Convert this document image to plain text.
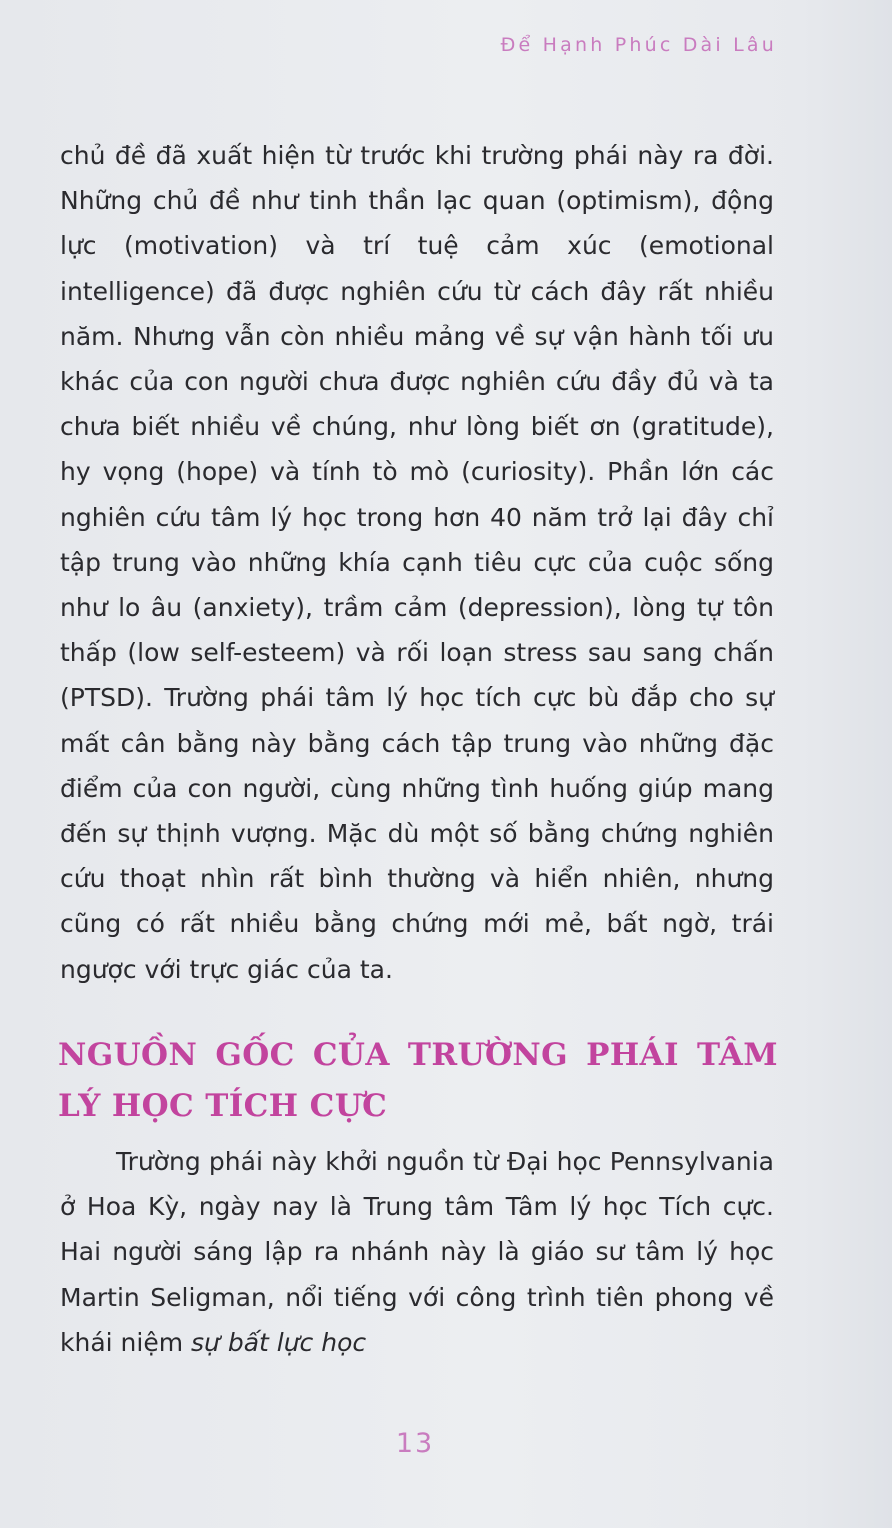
Để Hạnh Phúc Dài Lâu

chủ đề đã xuất hiện từ trước khi trường phái này ra đời. Những chủ đề như tinh thần lạc quan (optimism), động lực (motivation) và trí tuệ cảm xúc (emotional intelligence) đã được nghiên cứu từ cách đây rất nhiều năm. Nhưng vẫn còn nhiều mảng về sự vận hành tối ưu khác của con người chưa được nghiên cứu đầy đủ và ta chưa biết nhiều về chúng, như lòng biết ơn (gratitude), hy vọng (hope) và tính tò mò (curiosity). Phần lớn các nghiên cứu tâm lý học trong hơn 40 năm trở lại đây chỉ tập trung vào những khía cạnh tiêu cực của cuộc sống như lo âu (anxiety), trầm cảm (depression), lòng tự tôn thấp (low self-esteem) và rối loạn stress sau sang chấn (PTSD). Trường phái tâm lý học tích cực bù đắp cho sự mất cân bằng này bằng cách tập trung vào những đặc điểm của con người, cùng những tình huống giúp mang đến sự thịnh vượng. Mặc dù một số bằng chứng nghiên cứu thoạt nhìn rất bình thường và hiển nhiên, nhưng cũng có rất nhiều bằng chứng mới mẻ, bất ngờ, trái ngược với trực giác của ta.

NGUỒN GỐC CỦA TRƯỜNG PHÁI TÂM LÝ HỌC TÍCH CỰC

Trường phái này khởi nguồn từ Đại học Pennsylvania ở Hoa Kỳ, ngày nay là Trung tâm Tâm lý học Tích cực. Hai người sáng lập ra nhánh này là giáo sư tâm lý học Martin Seligman, nổi tiếng với công trình tiên phong về khái niệm sự bất lực học

13
